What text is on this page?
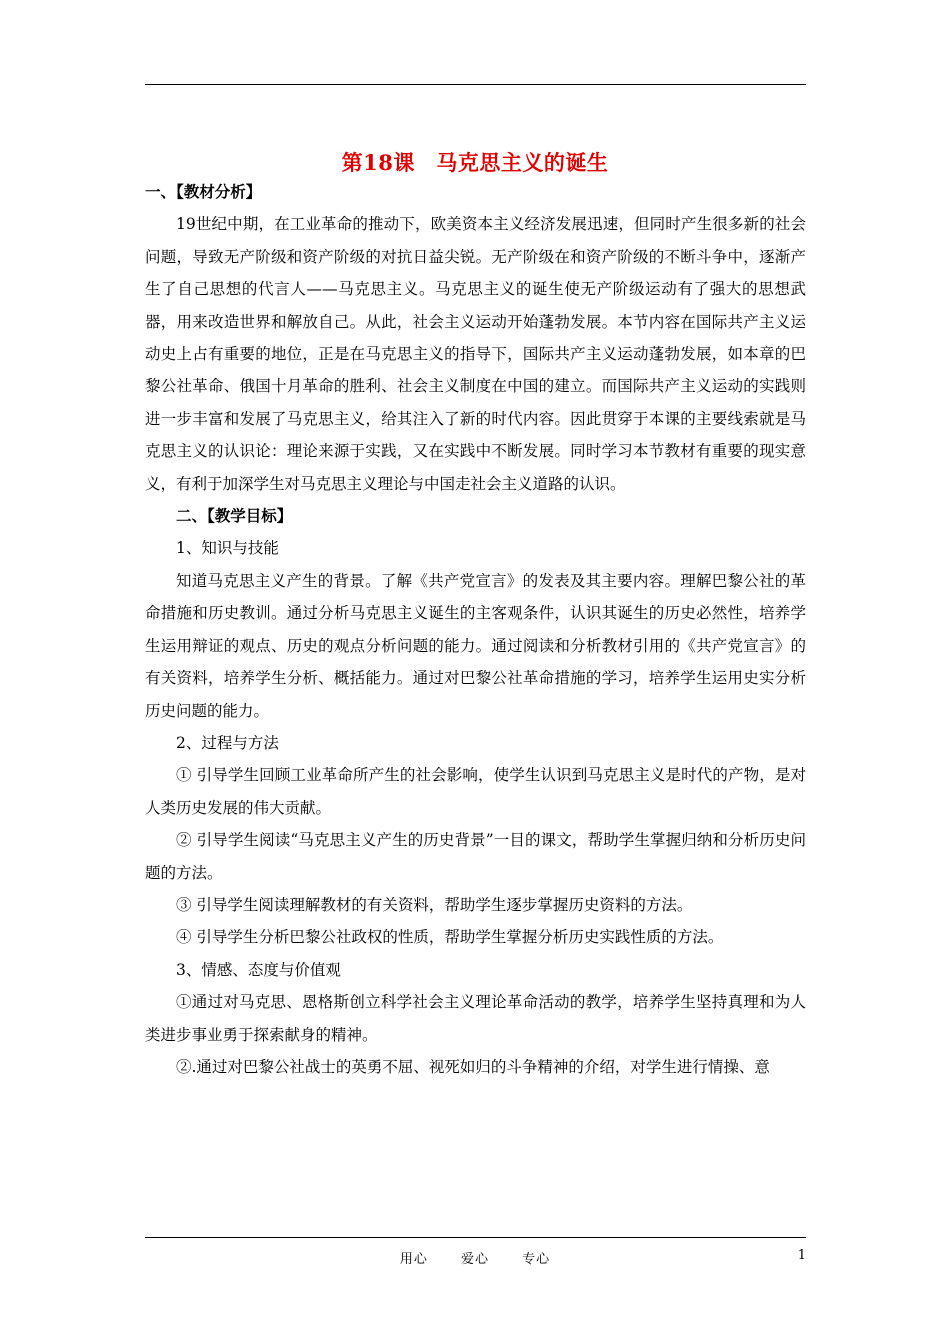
第18课　马克思主义的诞生

一、【教材分析】

19世纪中期，在工业革命的推动下，欧美资本主义经济发展迅速，但同时产生很多新的社会问题，导致无产阶级和资产阶级的对抗日益尖锐。无产阶级在和资产阶级的不断斗争中，逐渐产生了自己思想的代言人——马克思主义。马克思主义的诞生使无产阶级运动有了强大的思想武器，用来改造世界和解放自己。从此，社会主义运动开始蓬勃发展。本节内容在国际共产主义运动史上占有重要的地位，正是在马克思主义的指导下，国际共产主义运动蓬勃发展，如本章的巴黎公社革命、俄国十月革命的胜利、社会主义制度在中国的建立。而国际共产主义运动的实践则进一步丰富和发展了马克思主义，给其注入了新的时代内容。因此贯穿于本课的主要线索就是马克思主义的认识论：理论来源于实践，又在实践中不断发展。同时学习本节教材有重要的现实意义，有利于加深学生对马克思主义理论与中国走社会主义道路的认识。

二、【教学目标】

1、知识与技能

知道马克思主义产生的背景。了解《共产党宣言》的发表及其主要内容。理解巴黎公社的革命措施和历史教训。通过分析马克思主义诞生的主客观条件，认识其诞生的历史必然性，培养学生运用辩证的观点、历史的观点分析问题的能力。通过阅读和分析教材引用的《共产党宣言》的有关资料，培养学生分析、概括能力。通过对巴黎公社革命措施的学习，培养学生运用史实分析历史问题的能力。

2、过程与方法

① 引导学生回顾工业革命所产生的社会影响，使学生认识到马克思主义是时代的产物，是对人类历史发展的伟大贡献。

② 引导学生阅读“马克思主义产生的历史背景”一目的课文，帮助学生掌握归纳和分析历史问题的方法。

③ 引导学生阅读理解教材的有关资料，帮助学生逐步掌握历史资料的方法。

④ 引导学生分析巴黎公社政权的性质，帮助学生掌握分析历史实践性质的方法。

3、情感、态度与价值观

①通过对马克思、恩格斯创立科学社会主义理论革命活动的教学，培养学生坚持真理和为人类进步事业勇于探索献身的精神。

②.通过对巴黎公社战士的英勇不屈、视死如归的斗争精神的介绍，对学生进行情操、意

用心	爱心	专心	1
